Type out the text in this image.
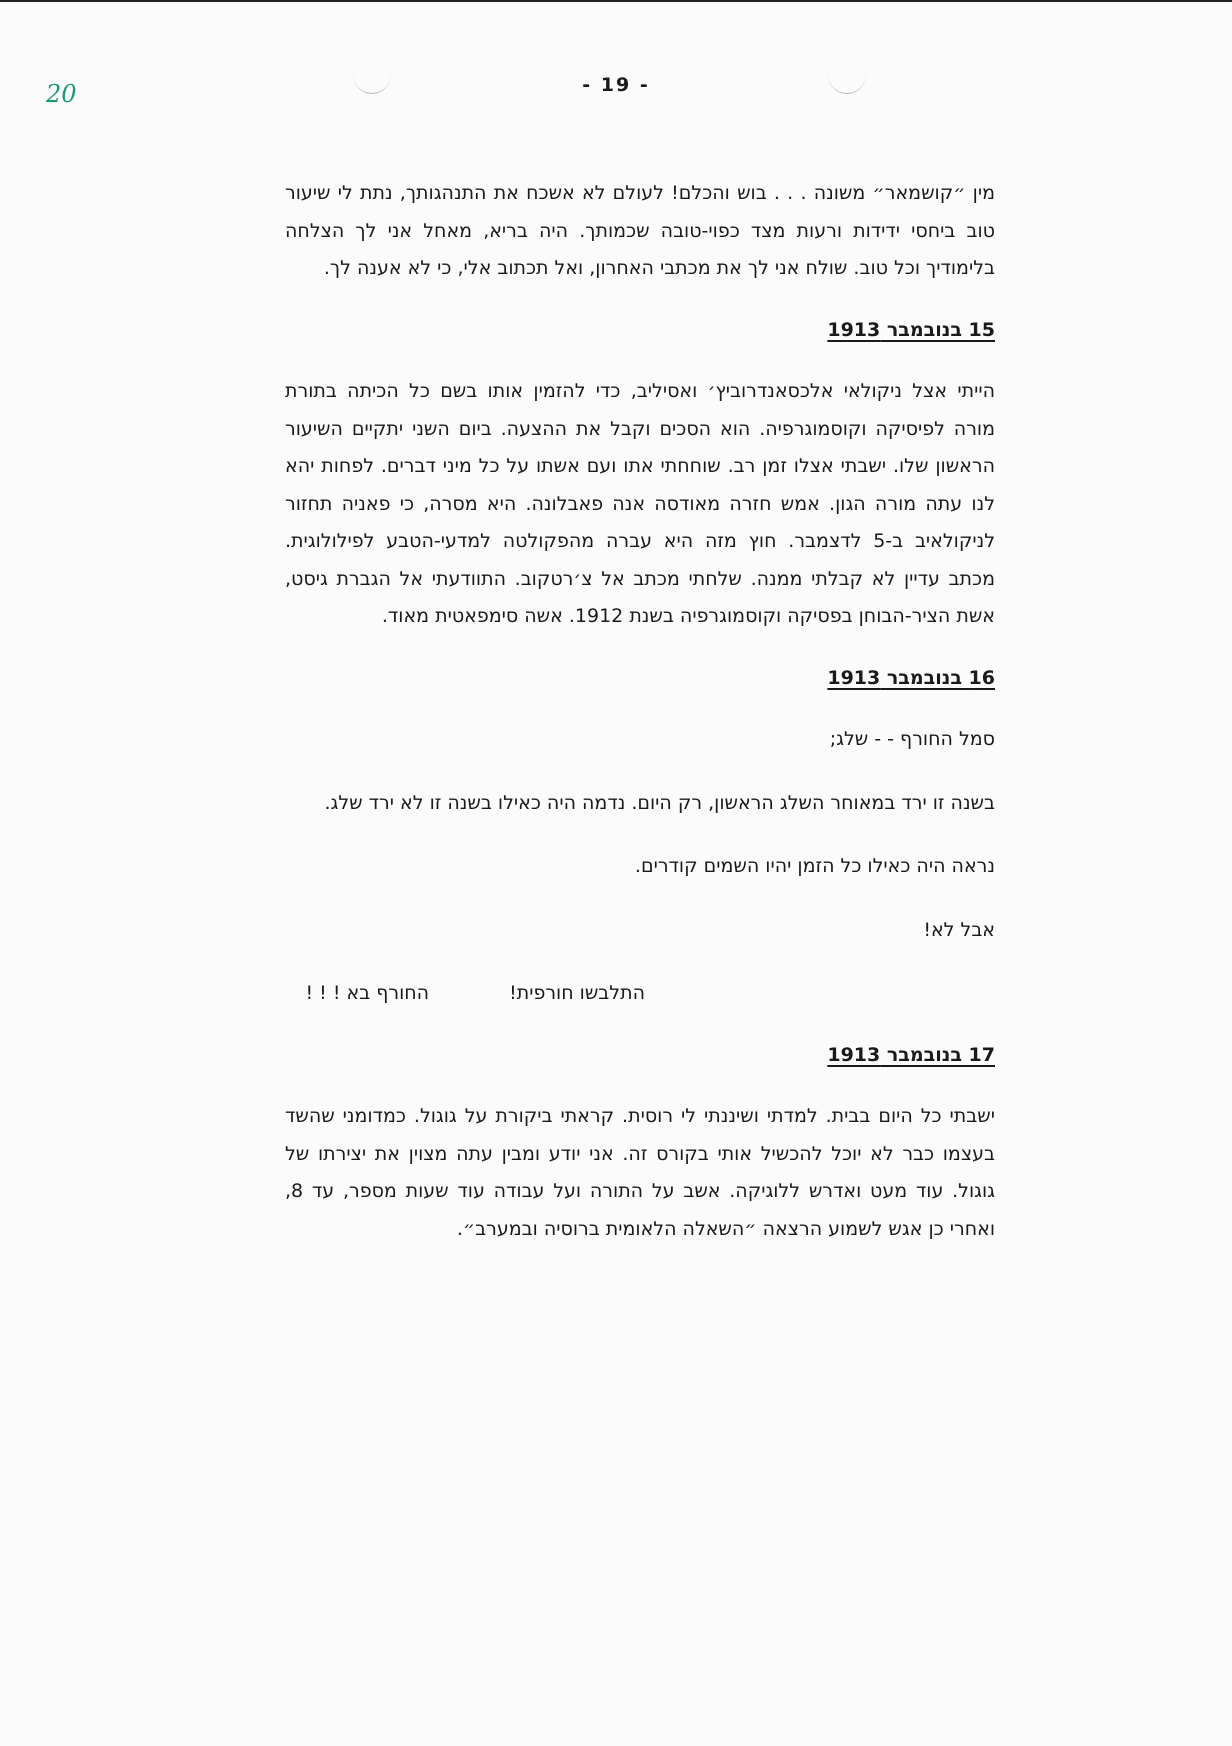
20	- 19 -

מין ״קושמאר״ משונה . . . בוש והכלם! לעולם לא אשכח את התנהגותך, נתת לי שיעור טוב ביחסי ידידות ורעות מצד כפוי-טובה שכמותך. היה בריא, מאחל אני לך הצלחה בלימודיך וכל טוב. שולח אני לך את מכתבי האחרון, ואל תכתוב אלי, כי לא אענה לך.

15 בנובמבר 1913

הייתי אצל ניקולאי אלכסאנדרוביץ׳ ואסיליב, כדי להזמין אותו בשם כל הכיתה בתורת מורה לפיסיקה וקוסמוגרפיה. הוא הסכים וקבל את ההצעה. ביום השני יתקיים השיעור הראשון שלו. ישבתי אצלו זמן רב. שוחחתי אתו ועם אשתו על כל מיני דברים. לפחות יהא לנו עתה מורה הגון. אמש חזרה מאודסה אנה פאבלונה. היא מסרה, כי פאניה תחזור לניקולאיב ב-5 לדצמבר. חוץ מזה היא עברה מהפקולטה למדעי-הטבע לפילולוגית. מכתב עדיין לא קבלתי ממנה. שלחתי מכתב אל צ׳רטקוב. התוודעתי אל הגברת גיסט, אשת הציר-הבוחן בפסיקה וקוסמוגרפיה בשנת 1912. אשה סימפאטית מאוד.

16 בנובמבר 1913

סמל החורף - - שלג;

בשנה זו ירד במאוחר השלג הראשון, רק היום. נדמה היה כאילו בשנה זו לא ירד שלג.

נראה היה כאילו כל הזמן יהיו השמים קודרים.

אבל לא!

התלבשו חורפית!
החורף בא ! ! !

17 בנובמבר 1913

ישבתי כל היום בבית. למדתי ושיננתי לי רוסית. קראתי ביקורת על גוגול. כמדומני שהשד בעצמו כבר לא יוכל להכשיל אותי בקורס זה. אני יודע ומבין עתה מצוין את יצירתו של גוגול. עוד מעט ואדרש ללוגיקה. אשב על התורה ועל עבודה עוד שעות מספר, עד 8, ואחרי כן אגש לשמוע הרצאה ״השאלה הלאומית ברוסיה ובמערב״.
